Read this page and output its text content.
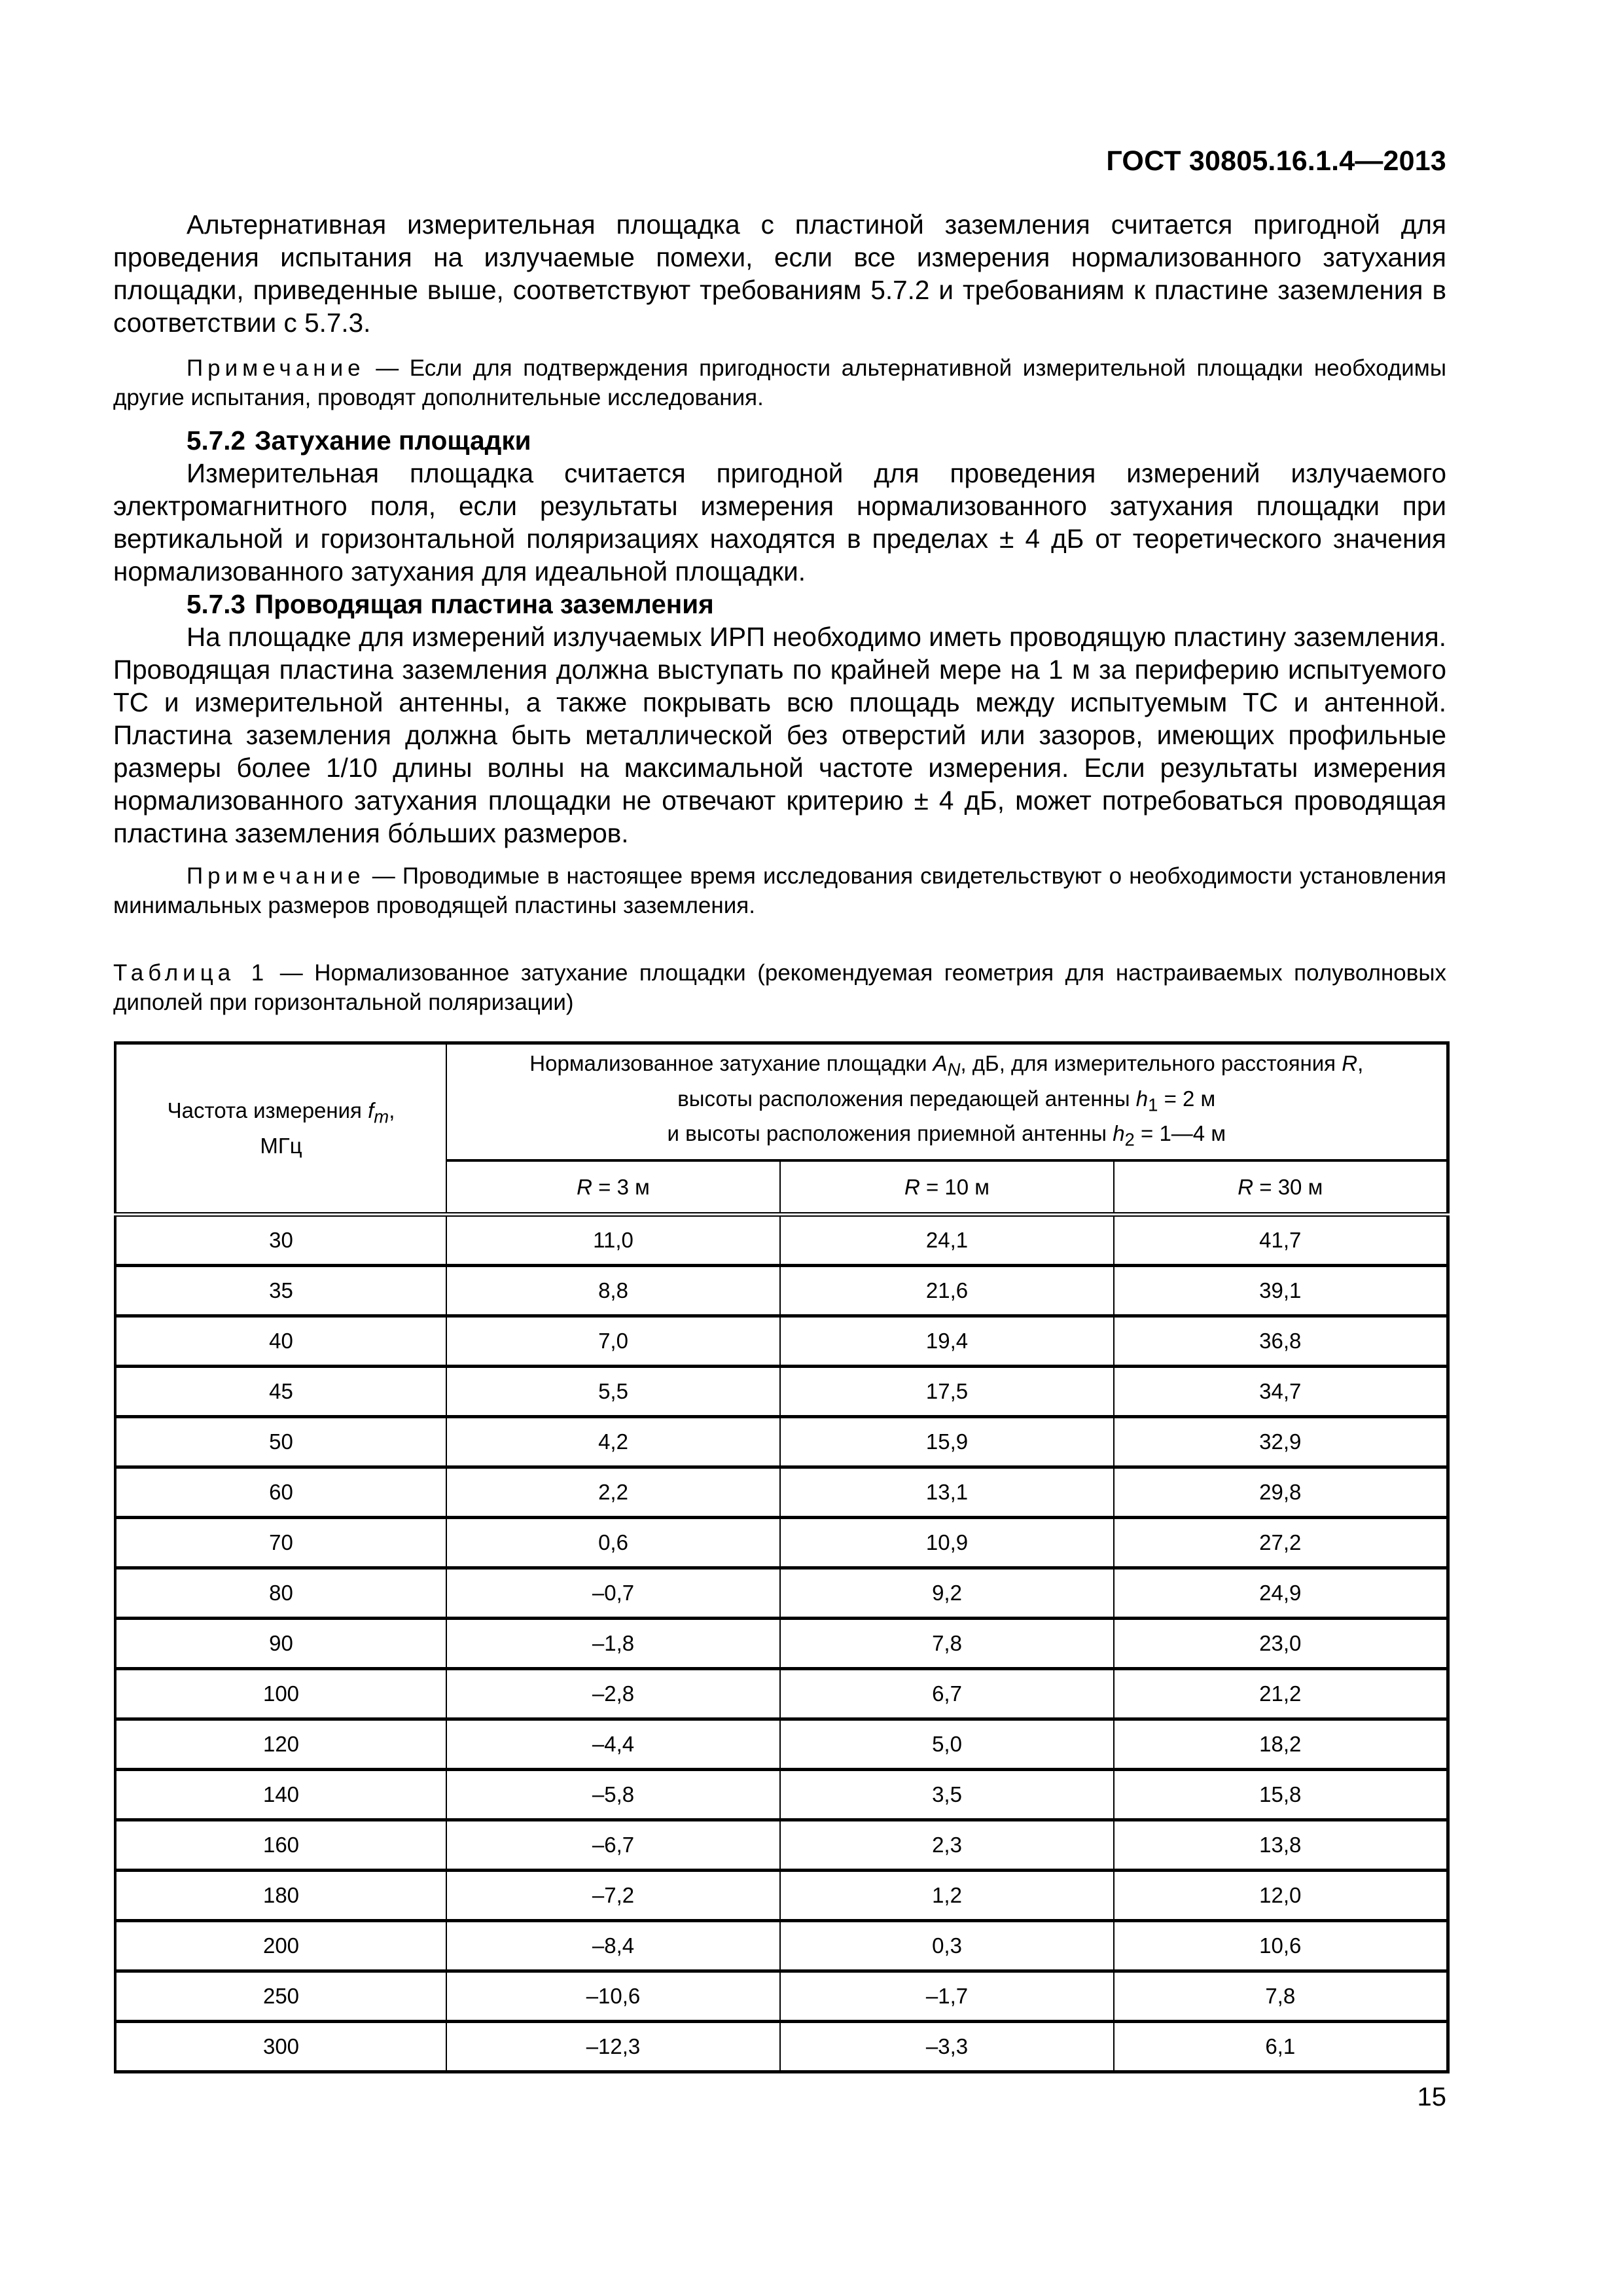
ГОСТ 30805.16.1.4—2013

Альтернативная измерительная площадка с пластиной заземления считается пригодной для проведения испытания на излучаемые помехи, если все измерения нормализованного затухания площадки, приведенные выше, соответствуют требованиям 5.7.2 и требованиям к пластине заземления в соответствии с 5.7.3.

Примечание — Если для подтверждения пригодности альтернативной измерительной площадки необходимы другие испытания, проводят дополнительные исследования.

5.7.2 Затухание площадки

Измерительная площадка считается пригодной для проведения измерений излучаемого электромагнитного поля, если результаты измерения нормализованного затухания площадки при вертикальной и горизонтальной поляризациях находятся в пределах ± 4 дБ от теоретического значения нормализованного затухания для идеальной площадки.

5.7.3 Проводящая пластина заземления

На площадке для измерений излучаемых ИРП необходимо иметь проводящую пластину заземления. Проводящая пластина заземления должна выступать по крайней мере на 1 м за периферию испытуемого ТС и измерительной антенны, а также покрывать всю площадь между испытуемым ТС и антенной. Пластина заземления должна быть металлической без отверстий или зазоров, имеющих профильные размеры более 1/10 длины волны на максимальной частоте измерения. Если результаты измерения нормализованного затухания площадки не отвечают критерию ± 4 дБ, может потребоваться проводящая пластина заземления бо́льших размеров.

Примечание — Проводимые в настоящее время исследования свидетельствуют о необходимости установления минимальных размеров проводящей пластины заземления.

Таблица 1 — Нормализованное затухание площадки (рекомендуемая геометрия для настраиваемых полуволновых диполей при горизонтальной поляризации)

Частота измерения $f_m$,
МГц	Нормализованное затухание площадки $A_N$, дБ, для измерительного расстояния R,
высоты расположения передающей антенны $h_1 = 2$ м
и высоты расположения приемной антенны $h_2$ = 1—4 м		
	R = 3 м	R = 10 м	R = 30 м
30	11,0	24,1	41,7
35	8,8	21,6	39,1
40	7,0	19,4	36,8
45	5,5	17,5	34,7
50	4,2	15,9	32,9
60	2,2	13,1	29,8
70	0,6	10,9	27,2
80	–0,7	9,2	24,9
90	–1,8	7,8	23,0
100	–2,8	6,7	21,2
120	–4,4	5,0	18,2
140	–5,8	3,5	15,8
160	–6,7	2,3	13,8
180	–7,2	1,2	12,0
200	–8,4	0,3	10,6
250	–10,6	–1,7	7,8
300	–12,3	–3,3	6,1
15
